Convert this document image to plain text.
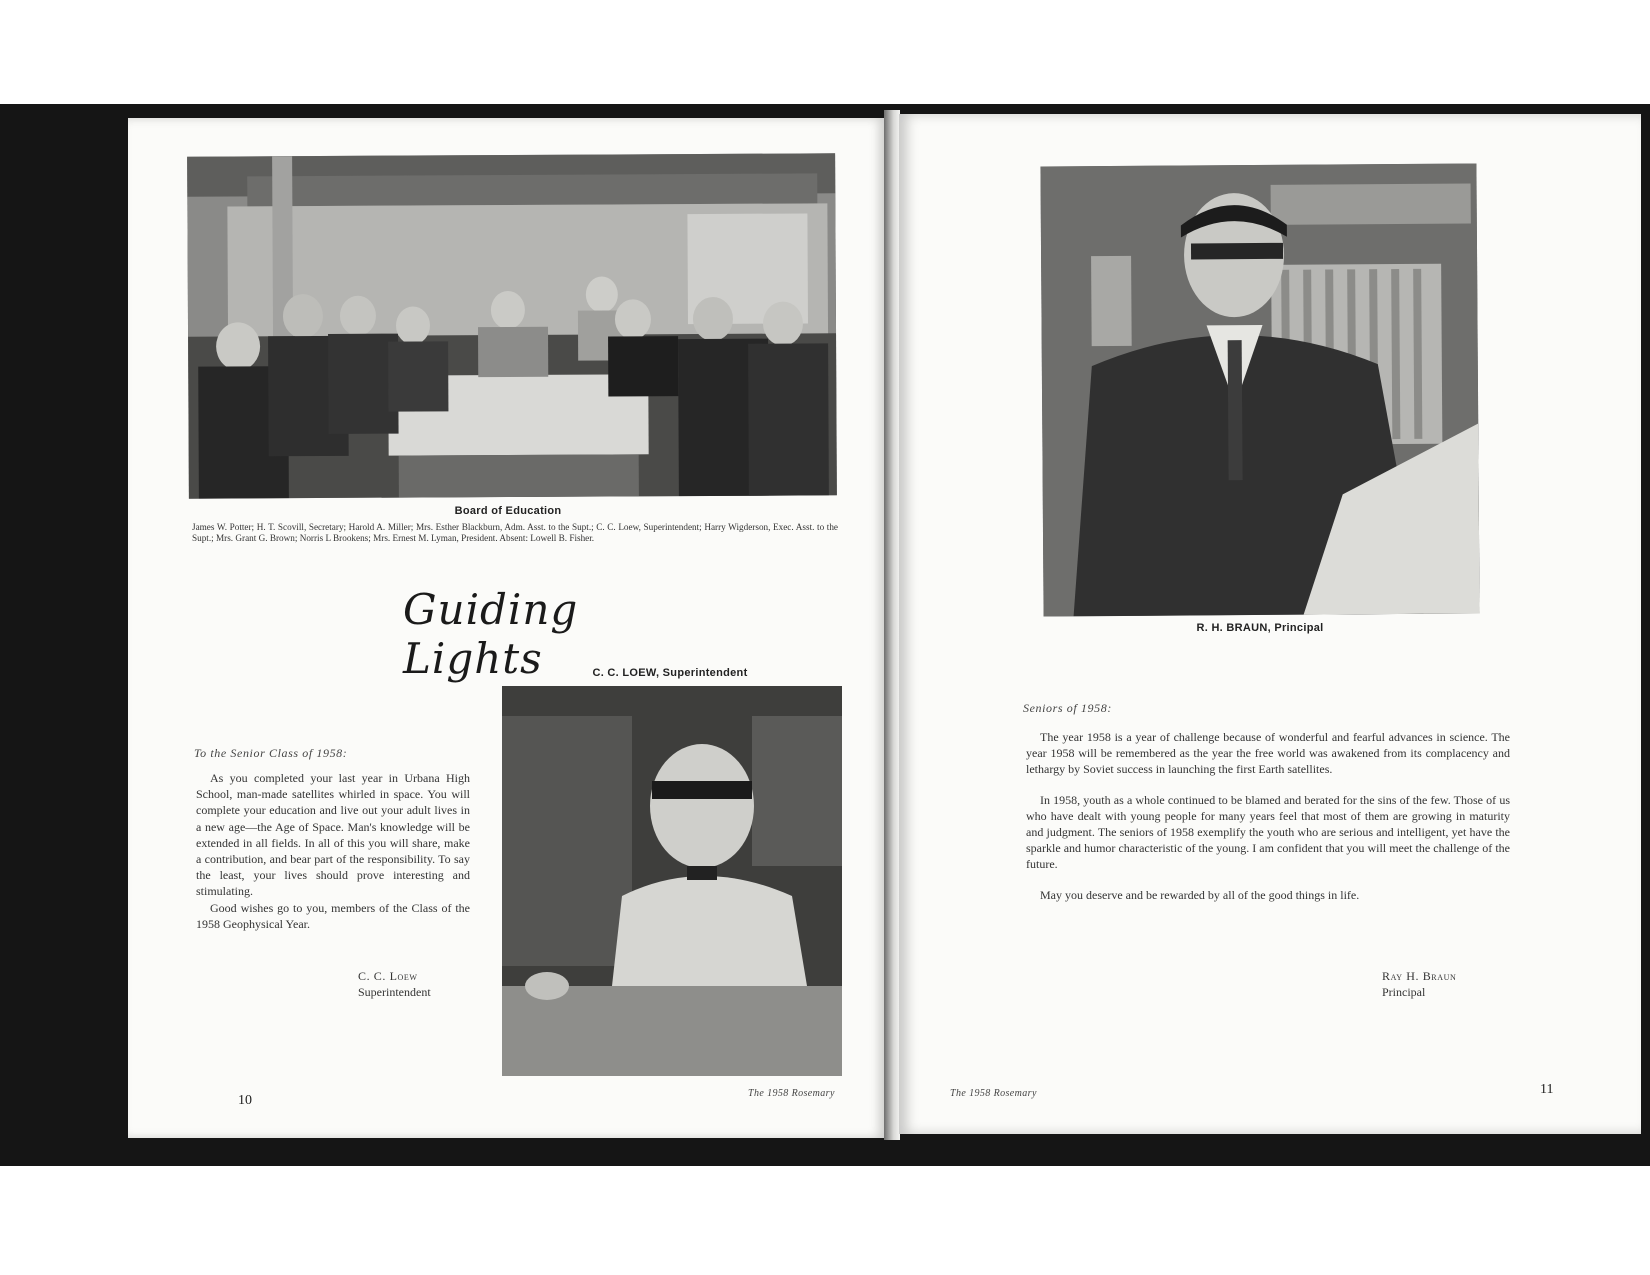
Board of Education
James W. Potter; H. T. Scovill, Secretary; Harold A. Miller; Mrs. Esther Blackburn, Adm. Asst. to the Supt.; C. C. Loew, Superintendent; Harry Wigderson, Exec. Asst. to the Supt.; Mrs. Grant G. Brown; Norris L Brookens; Mrs. Ernest M. Lyman, President. Absent: Lowell B. Fisher.
Guiding Lights	C. C. LOEW, Superintendent
To the Senior Class of 1958:

As you completed your last year in Urbana High School, man-made satellites whirled in space. You will complete your education and live out your adult lives in a new age—the Age of Space. Man's knowledge will be extended in all fields. In all of this you will share, make a contribution, and bear part of the responsibility. To say the least, your lives should prove interesting and stimulating.

Good wishes go to you, members of the Class of the 1958 Geophysical Year.

C. C. Loew
Superintendent
10	The 1958 Rosemary
R. H. BRAUN, Principal
Seniors of 1958:

The year 1958 is a year of challenge because of wonderful and fearful advances in science. The year 1958 will be remembered as the year the free world was awakened from its complacency and lethargy by Soviet success in launching the first Earth satellites.

In 1958, youth as a whole continued to be blamed and berated for the sins of the few. Those of us who have dealt with young people for many years feel that most of them are growing in maturity and judgment. The seniors of 1958 exemplify the youth who are serious and intelligent, yet have the sparkle and humor characteristic of the young. I am confident that you will meet the challenge of the future.

May you deserve and be rewarded by all of the good things in life.

Ray H. Braun
Principal
The 1958 Rosemary	11
